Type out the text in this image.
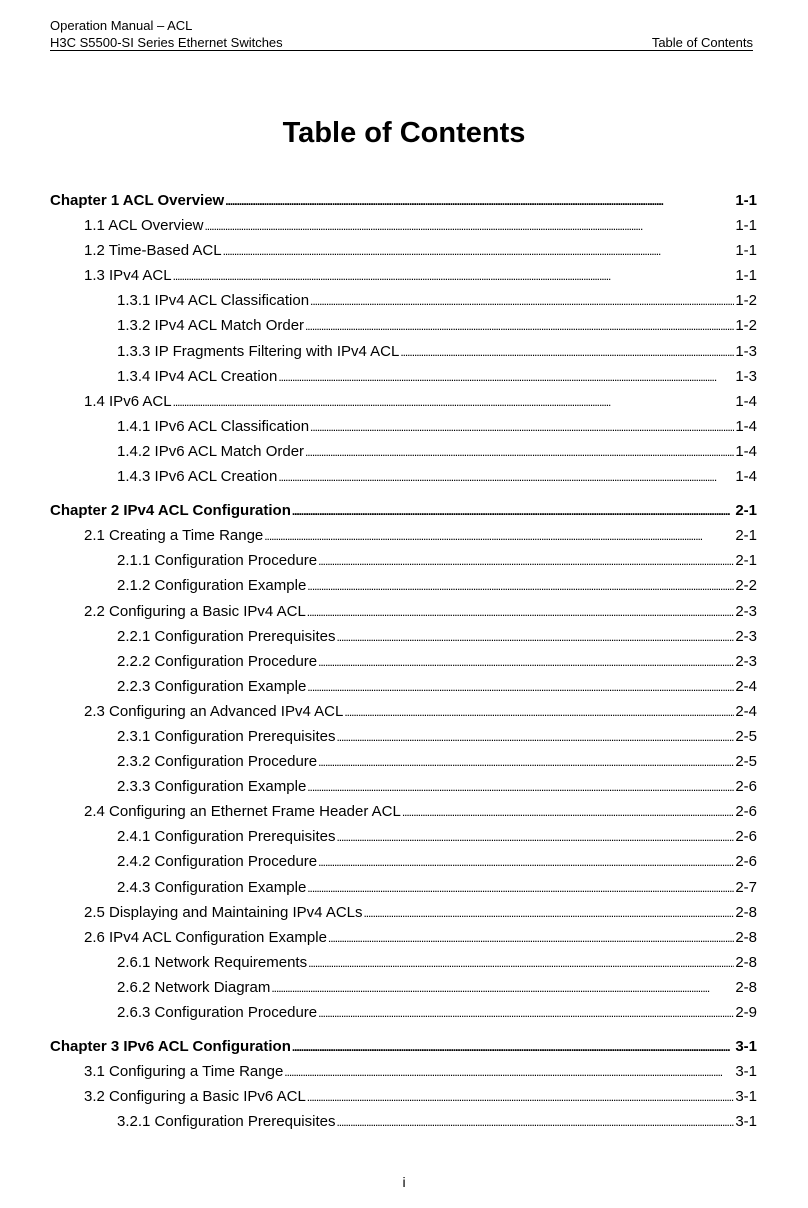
Operation Manual – ACL
H3C S5500-SI Series Ethernet Switches	Table of Contents
Table of Contents
Chapter 1 ACL Overview . . .	1-1
1.1 ACL Overview . . .	1-1
1.2 Time-Based ACL . . .	1-1
1.3 IPv4 ACL . . .	1-1
1.3.1 IPv4 ACL Classification . . .	1-2
1.3.2 IPv4 ACL Match Order . . .	1-2
1.3.3 IP Fragments Filtering with IPv4 ACL . . .	1-3
1.3.4 IPv4 ACL Creation . . .	1-3
1.4 IPv6 ACL . . .	1-4
1.4.1 IPv6 ACL Classification . . .	1-4
1.4.2 IPv6 ACL Match Order . . .	1-4
1.4.3 IPv6 ACL Creation . . .	1-4
Chapter 2 IPv4 ACL Configuration . . .	2-1
2.1 Creating a Time Range . . .	2-1
2.1.1 Configuration Procedure . . .	2-1
2.1.2 Configuration Example . . .	2-2
2.2 Configuring a Basic IPv4 ACL . . .	2-3
2.2.1 Configuration Prerequisites . . .	2-3
2.2.2 Configuration Procedure . . .	2-3
2.2.3 Configuration Example . . .	2-4
2.3 Configuring an Advanced IPv4 ACL . . .	2-4
2.3.1 Configuration Prerequisites . . .	2-5
2.3.2 Configuration Procedure . . .	2-5
2.3.3 Configuration Example . . .	2-6
2.4 Configuring an Ethernet Frame Header ACL . . .	2-6
2.4.1 Configuration Prerequisites . . .	2-6
2.4.2 Configuration Procedure . . .	2-6
2.4.3 Configuration Example . . .	2-7
2.5 Displaying and Maintaining IPv4 ACLs . . .	2-8
2.6 IPv4 ACL Configuration Example . . .	2-8
2.6.1 Network Requirements . . .	2-8
2.6.2 Network Diagram . . .	2-8
2.6.3 Configuration Procedure . . .	2-9
Chapter 3 IPv6 ACL Configuration . . .	3-1
3.1 Configuring a Time Range . . .	3-1
3.2 Configuring a Basic IPv6 ACL . . .	3-1
3.2.1 Configuration Prerequisites . . .	3-1
i
